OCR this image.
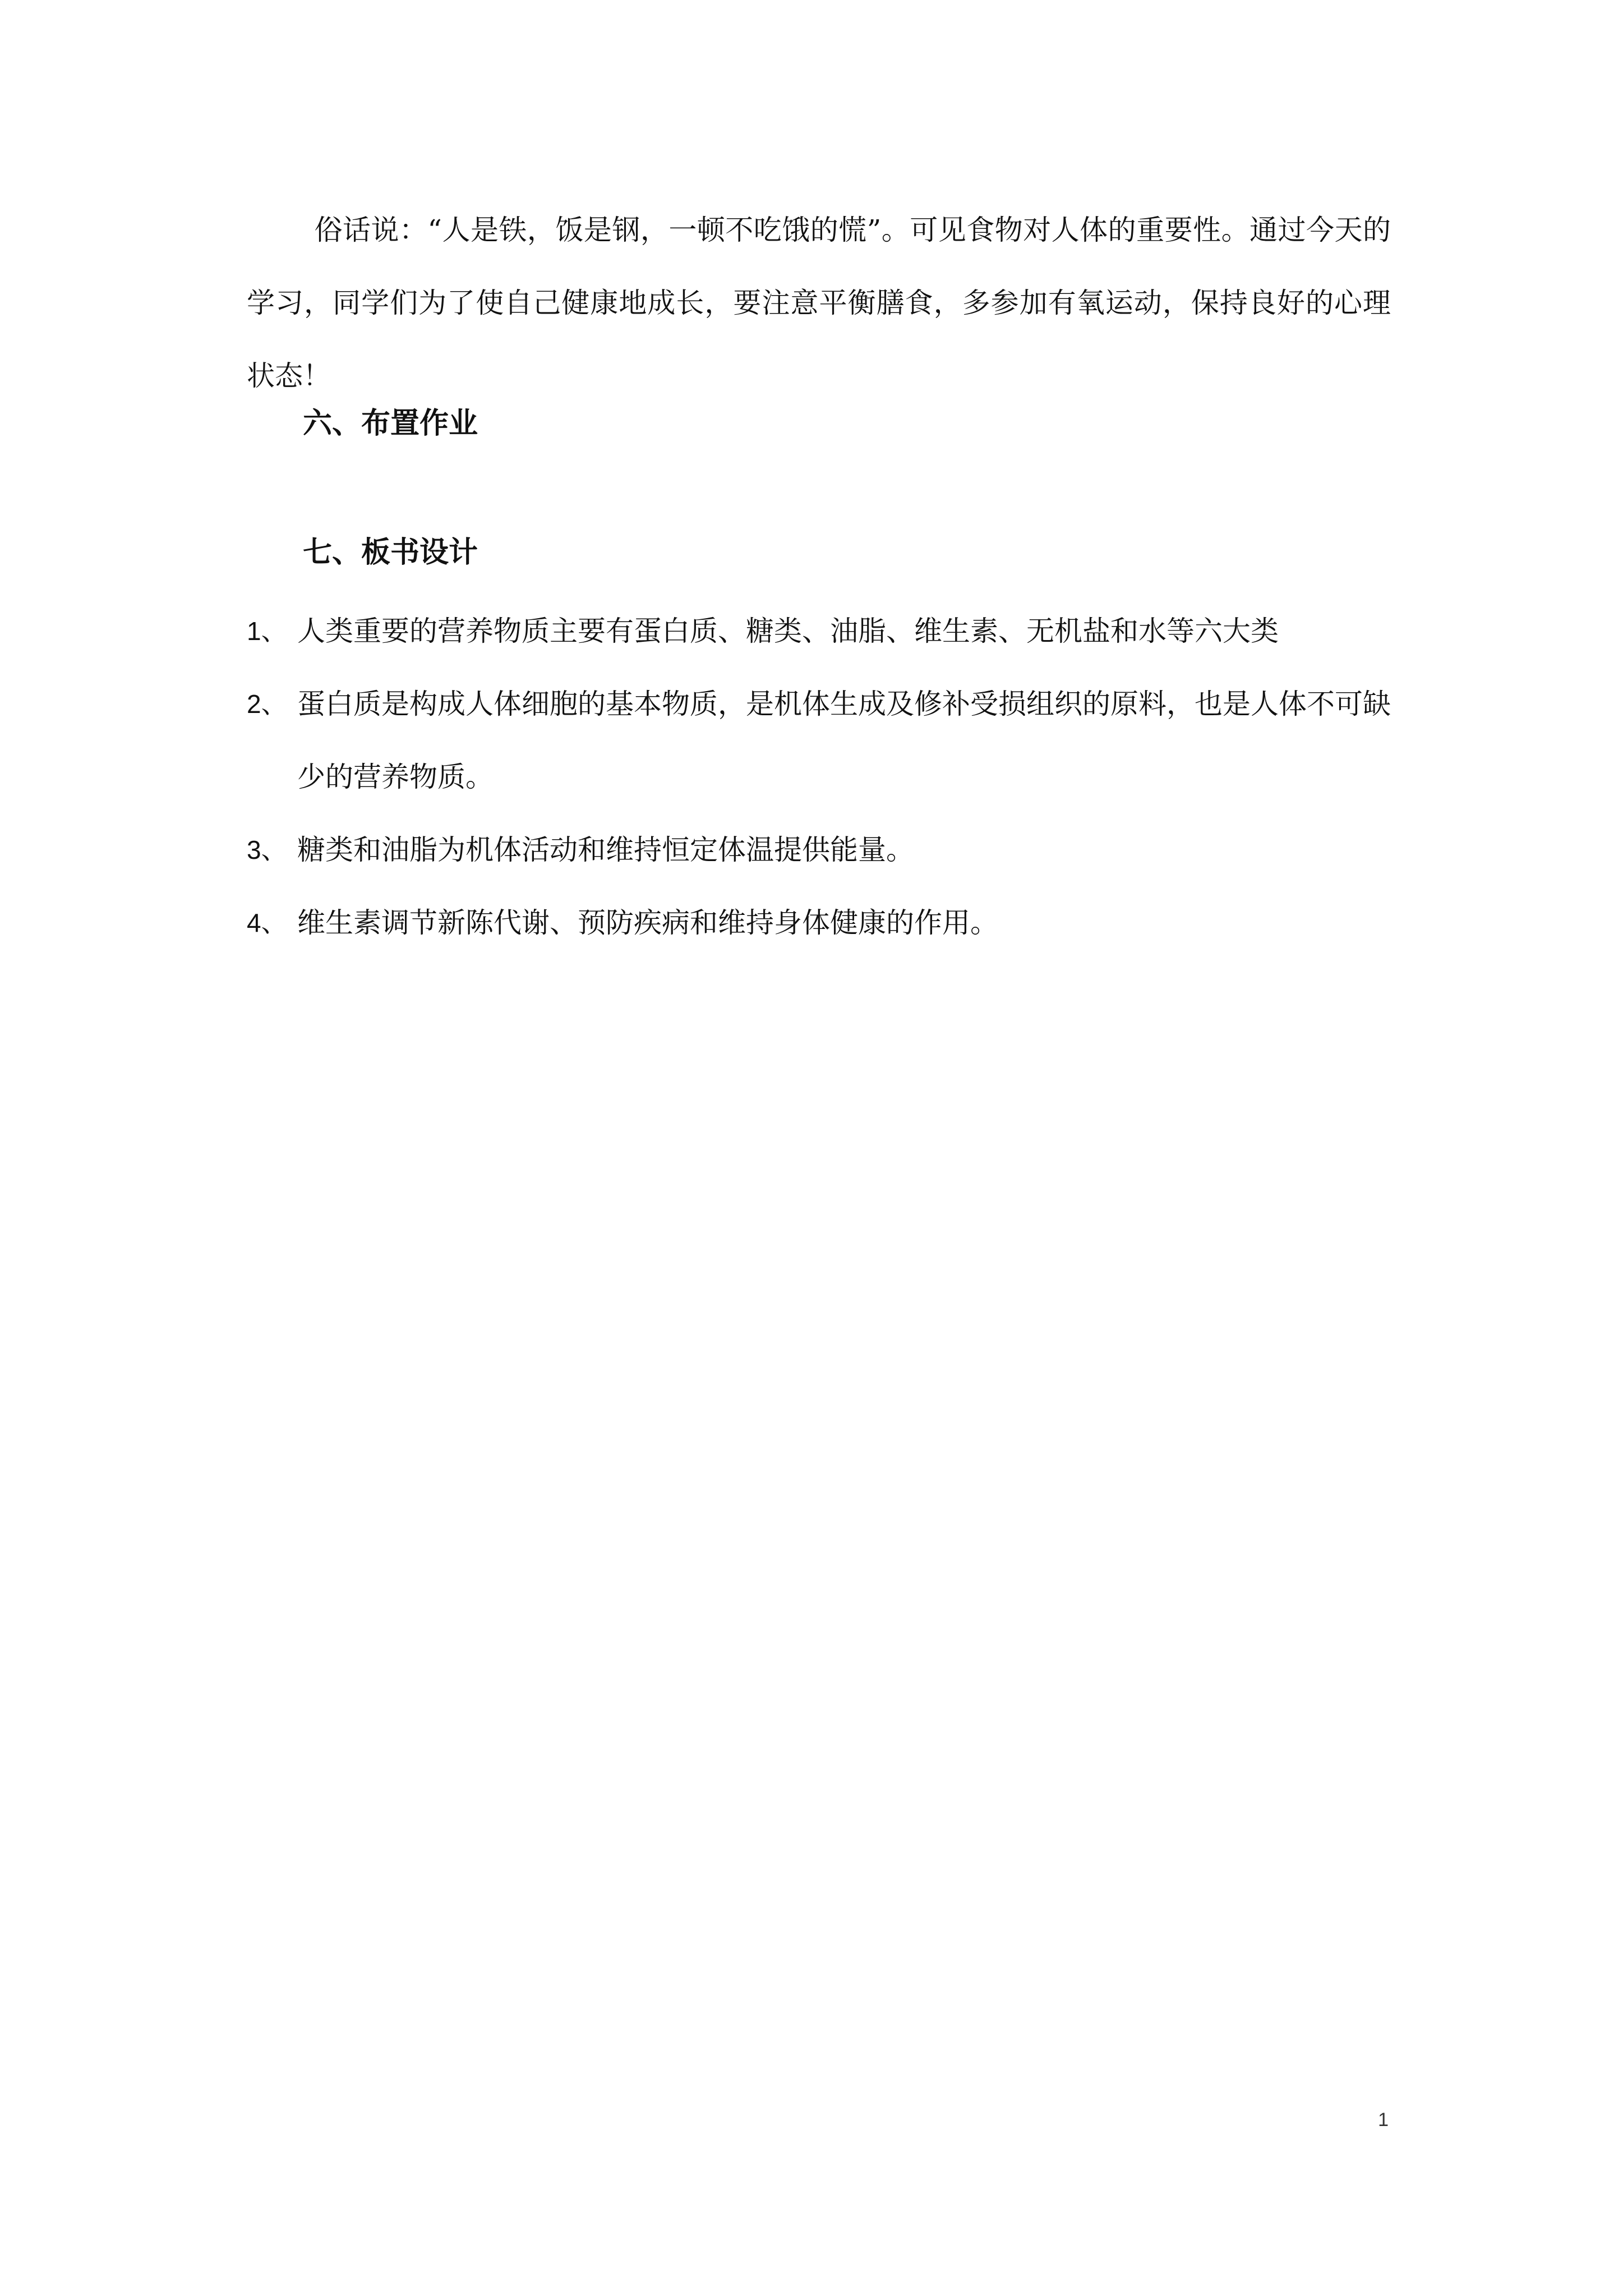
俗话说：“人是铁，饭是钢，一顿不吃饿的慌”。可见食物对人体的重要性。通过今天的学习，同学们为了使自己健康地成长，要注意平衡膳食，多参加有氧运动，保持良好的心理状态！

六、布置作业
七、板书设计
1、 人类重要的营养物质主要有蛋白质、糖类、油脂、维生素、无机盐和水等六大类
2、 蛋白质是构成人体细胞的基本物质，是机体生成及修补受损组织的原料，也是人体不可缺少的营养物质。
3、 糖类和油脂为机体活动和维持恒定体温提供能量。
4、 维生素调节新陈代谢、预防疾病和维持身体健康的作用。
1
